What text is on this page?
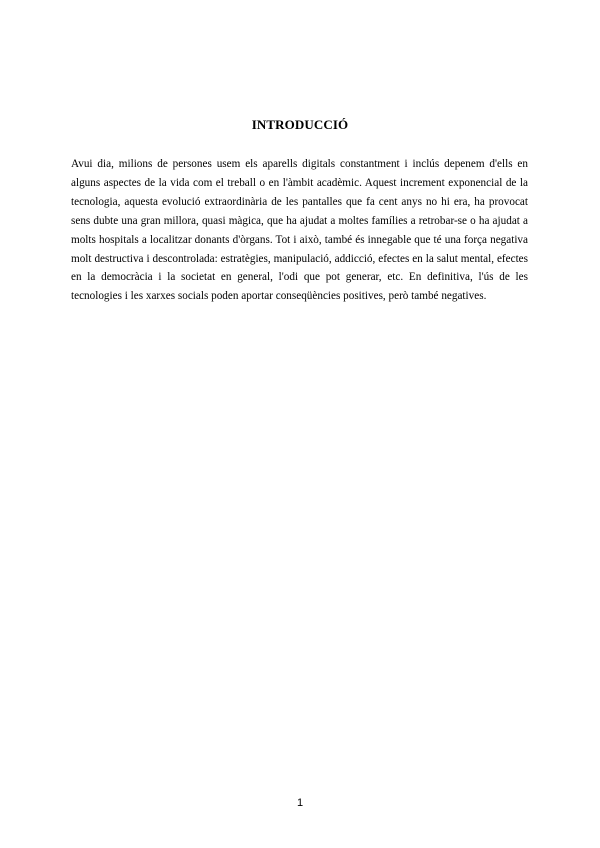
INTRODUCCIÓ

Avui dia, milions de persones usem els aparells digitals constantment i inclús depenem d'ells en alguns aspectes de la vida com el treball o en l'àmbit acadèmic. Aquest increment exponencial de la tecnologia, aquesta evolució extraordinària de les pantalles que fa cent anys no hi era, ha provocat sens dubte una gran millora, quasi màgica, que ha ajudat a moltes famílies a retrobar-se o ha ajudat a molts hospitals a localitzar donants d'òrgans. Tot i això, també és innegable que té una força negativa molt destructiva i descontrolada: estratègies, manipulació, addicció, efectes en la salut mental, efectes en la democràcia i la societat en general, l'odi que pot generar, etc. En definitiva, l'ús de les tecnologies i les xarxes socials poden aportar conseqüències positives, però també negatives.

1
